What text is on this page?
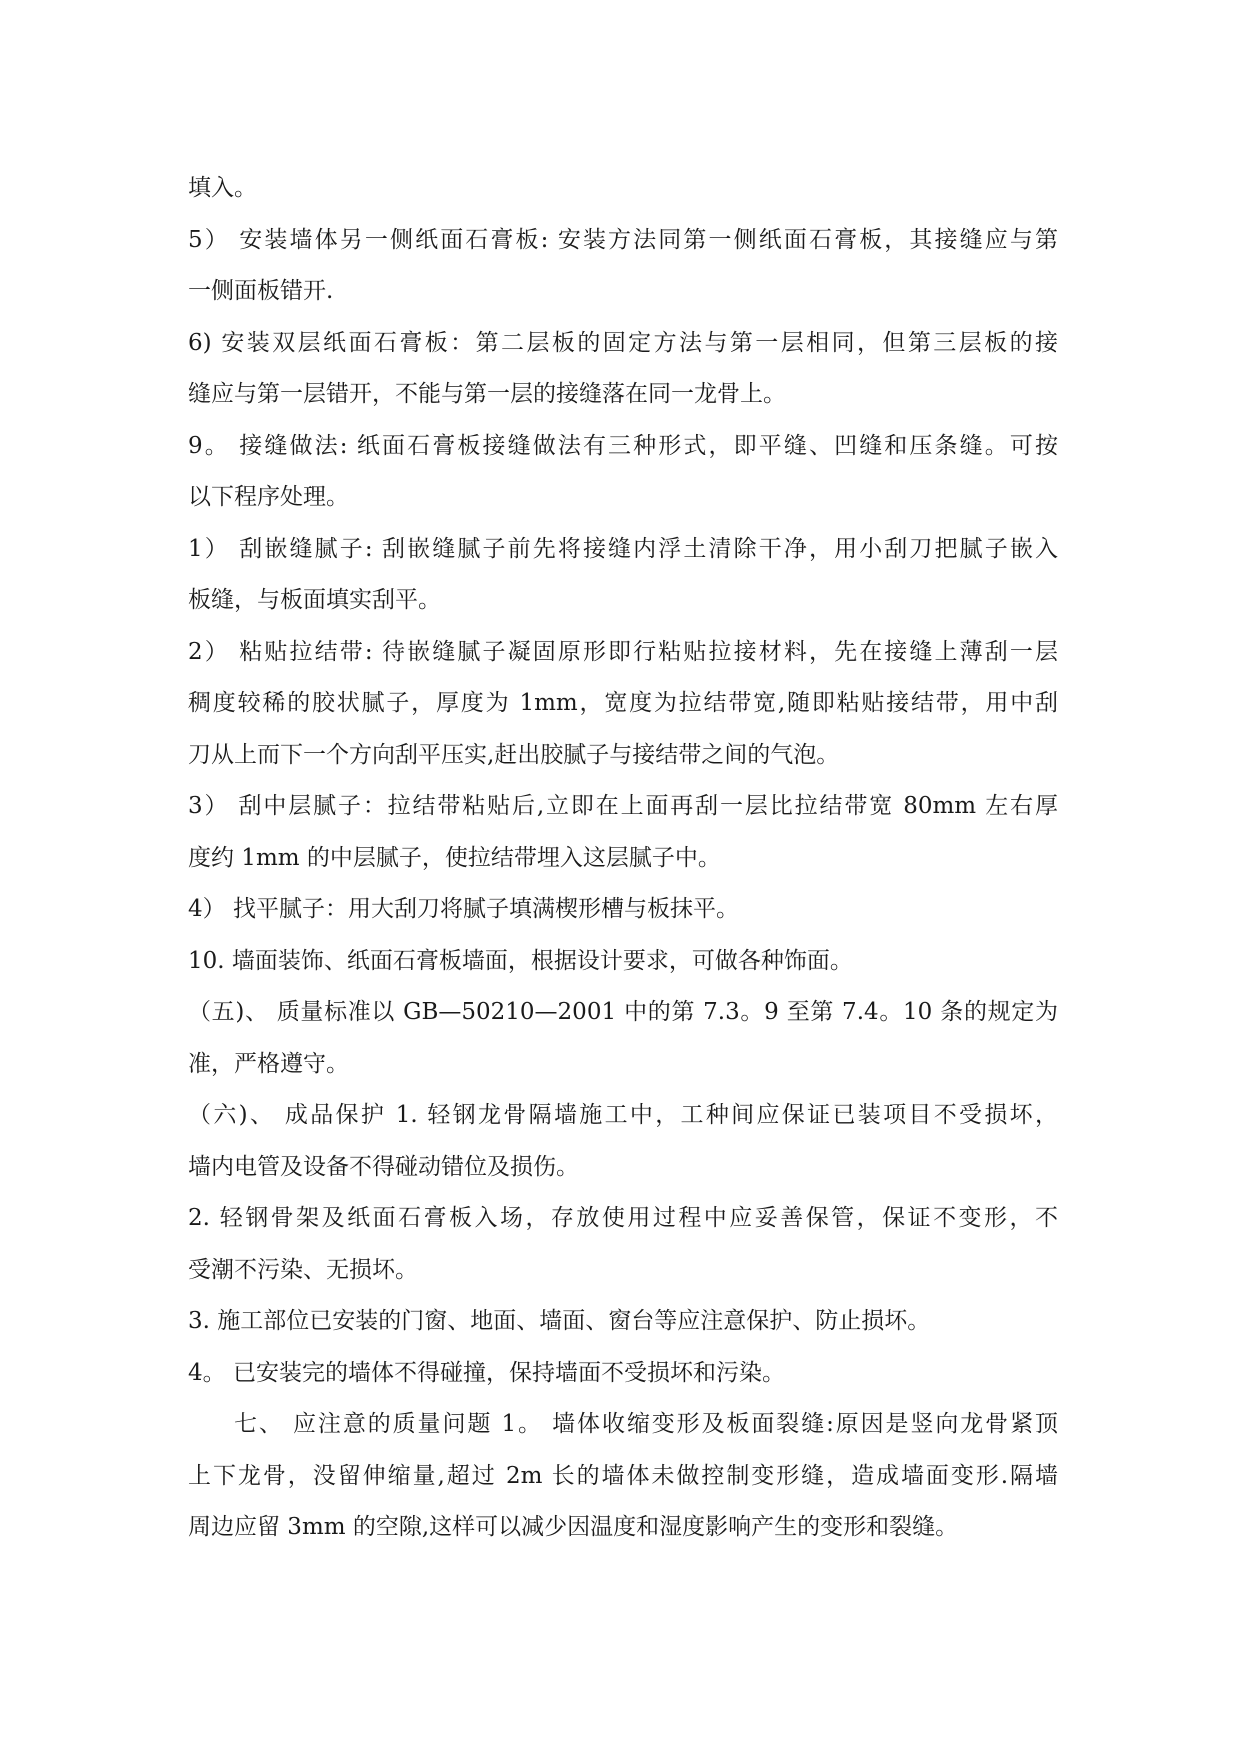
填入。
5） 安装墙体另一侧纸面石膏板: 安装方法同第一侧纸面石膏板，其接缝应与第
一侧面板错开.
6) 安装双层纸面石膏板：第二层板的固定方法与第一层相同，但第三层板的接
缝应与第一层错开，不能与第一层的接缝落在同一龙骨上。
9。 接缝做法: 纸面石膏板接缝做法有三种形式，即平缝、凹缝和压条缝。可按
以下程序处理。
1） 刮嵌缝腻子: 刮嵌缝腻子前先将接缝内浮土清除干净，用小刮刀把腻子嵌入
板缝，与板面填实刮平。
2） 粘贴拉结带: 待嵌缝腻子凝固原形即行粘贴拉接材料，先在接缝上薄刮一层
稠度较稀的胶状腻子，厚度为 1mm，宽度为拉结带宽,随即粘贴接结带，用中刮
刀从上而下一个方向刮平压实,赶出胶腻子与接结带之间的气泡。
3） 刮中层腻子：拉结带粘贴后,立即在上面再刮一层比拉结带宽 80mm 左右厚
度约 1mm 的中层腻子，使拉结带埋入这层腻子中。
4） 找平腻子：用大刮刀将腻子填满楔形槽与板抹平。
10. 墙面装饰、纸面石膏板墙面，根据设计要求，可做各种饰面。
（五)、 质量标准以 GB—50210—2001 中的第 7.3。9 至第 7.4。10 条的规定为
准，严格遵守。
（六)、 成品保护 1. 轻钢龙骨隔墙施工中，工种间应保证已装项目不受损坏，
墙内电管及设备不得碰动错位及损伤。
2. 轻钢骨架及纸面石膏板入场，存放使用过程中应妥善保管，保证不变形，不
受潮不污染、无损坏。
3. 施工部位已安装的门窗、地面、墙面、窗台等应注意保护、防止损坏。
4。 已安装完的墙体不得碰撞，保持墙面不受损坏和污染。
七、 应注意的质量问题 1。 墙体收缩变形及板面裂缝:原因是竖向龙骨紧顶
上下龙骨，没留伸缩量,超过 2m 长的墙体未做控制变形缝，造成墙面变形.隔墙
周边应留 3mm 的空隙,这样可以减少因温度和湿度影响产生的变形和裂缝。
